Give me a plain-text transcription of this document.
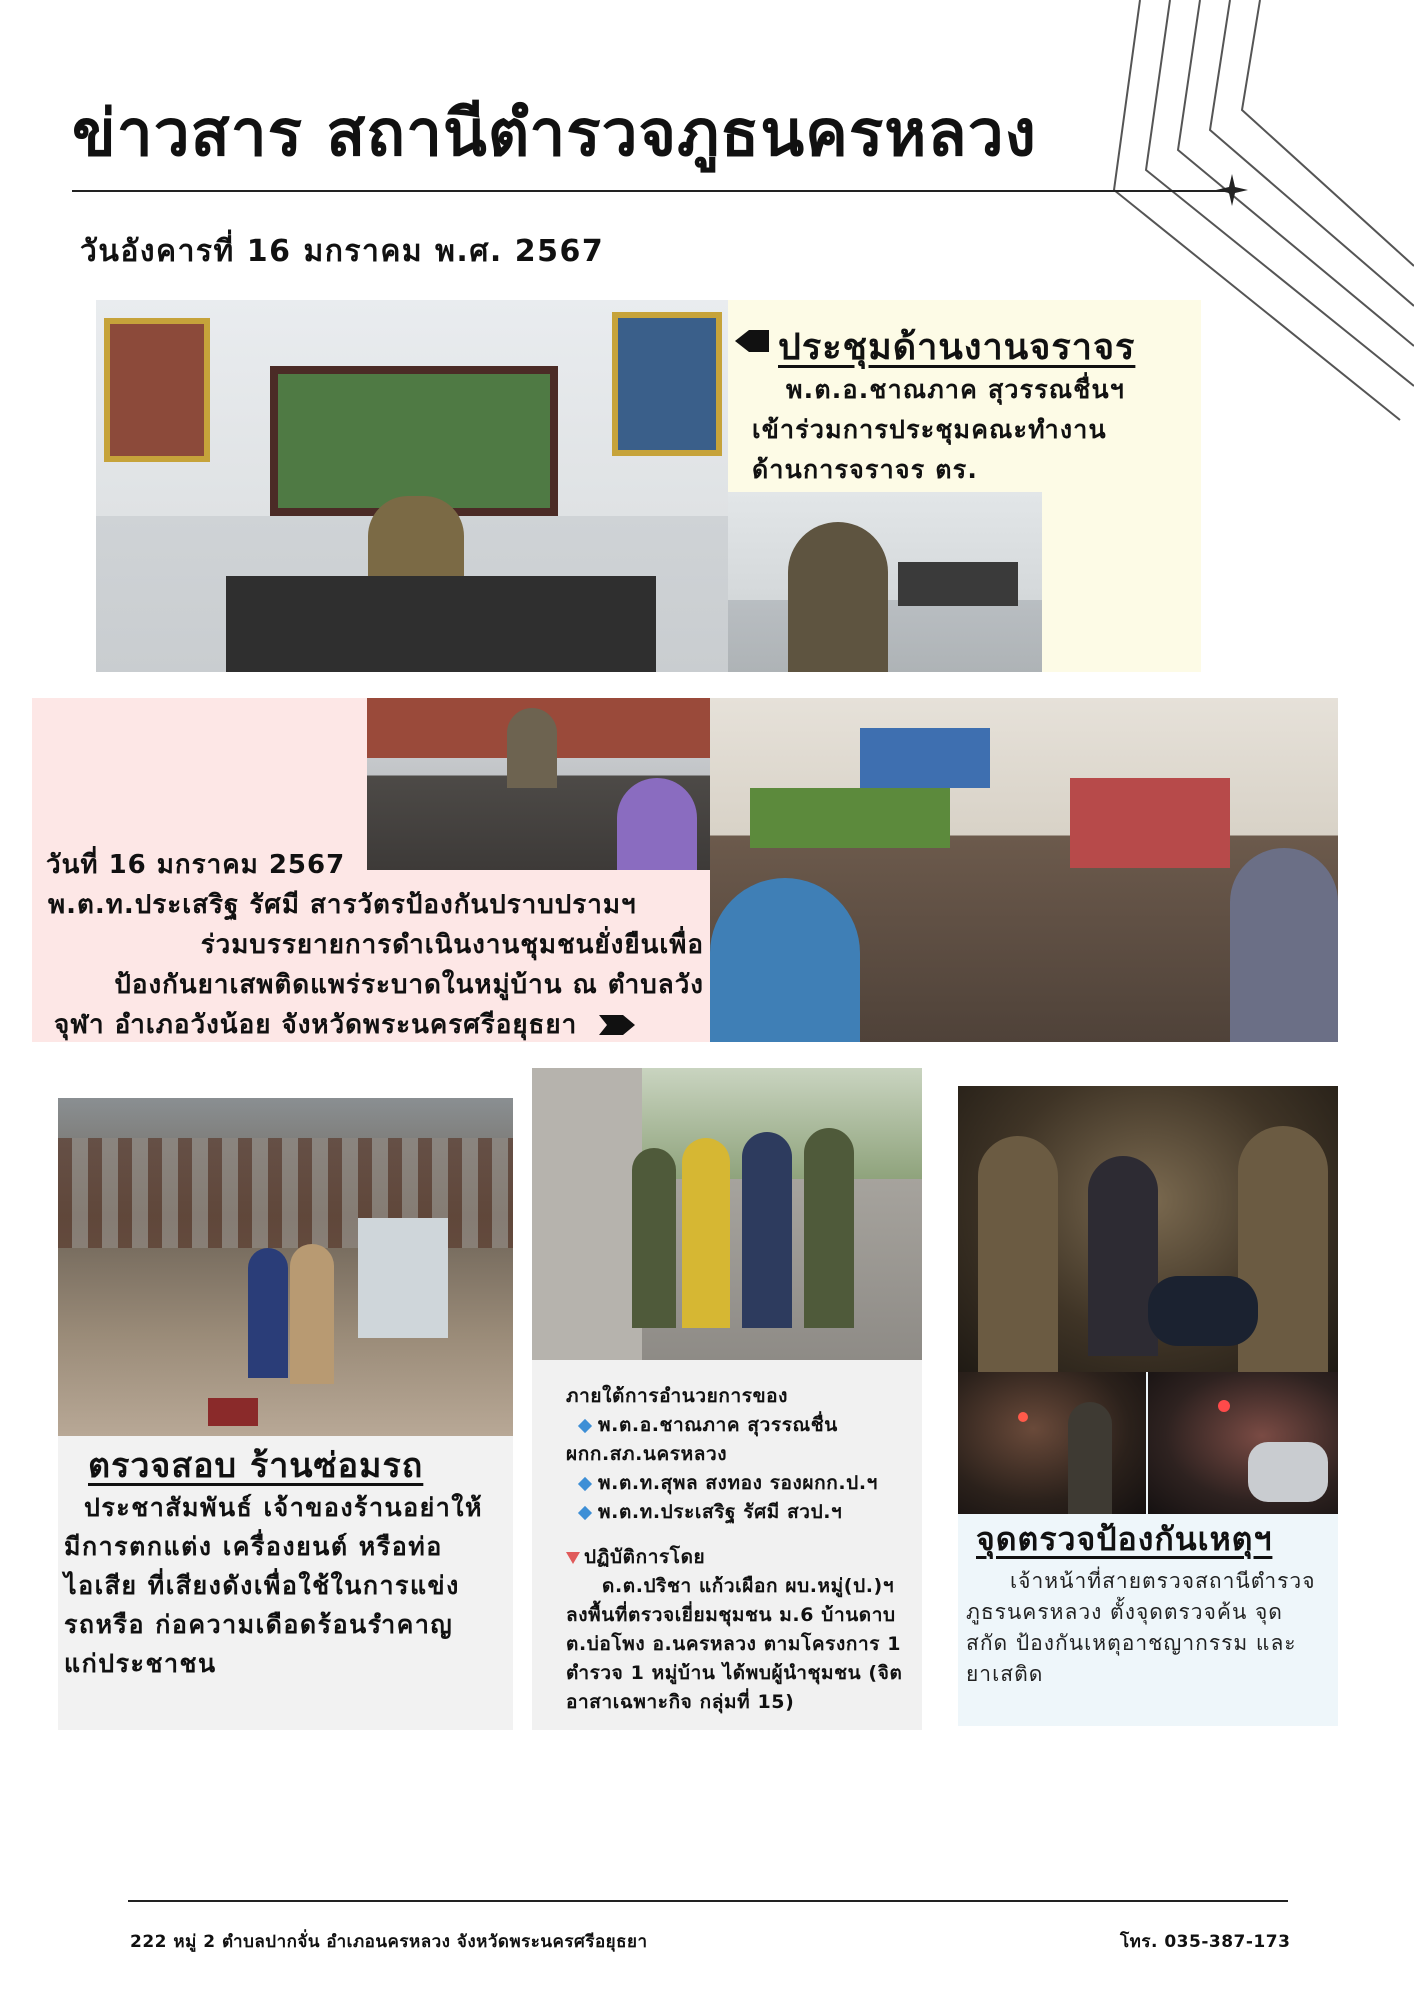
ข่าวสาร สถานีตำรวจภูธนครหลวง
วันอังคารที่ 16 มกราคม พ.ศ. 2567
ประชุมด้านงานจราจร
พ.ต.อ.ชาณภาค สุวรรณชื่นฯ
เข้าร่วมการประชุมคณะทำงาน
ด้านการจราจร ตร.
วันที่ 16 มกราคม 2567
พ.ต.ท.ประเสริฐ รัศมี สารวัตรป้องกันปราบปรามฯ
ร่วมบรรยายการดำเนินงานชุมชนยั่งยืนเพื่อ
ป้องกันยาเสพติดแพร่ระบาดในหมู่บ้าน ณ ตำบลวัง
จุฬา อำเภอวังน้อย จังหวัดพระนครศรีอยุธยา
ตรวจสอบ ร้านซ่อมรถ
ประชาสัมพันธ์ เจ้าของร้านอย่าให้
มีการตกแต่ง เครื่องยนต์ หรือท่อ
ไอเสีย ที่เสียงดังเพื่อใช้ในการแข่ง
รถหรือ ก่อความเดือดร้อนรำคาญ
แก่ประชาชน
ภายใต้การอำนวยการของ
พ.ต.อ.ชาณภาค สุวรรณชื่น
ผกก.สภ.นครหลวง
พ.ต.ท.สุพล สงทอง รองผกก.ป.ฯ
พ.ต.ท.ประเสริฐ รัศมี สวป.ฯ
ปฏิบัติการโดย
ด.ต.ปริชา แก้วเผือก ผบ.หมู่(ป.)ฯ
ลงพื้นที่ตรวจเยี่ยมชุมชน ม.6 บ้านดาบ
ต.บ่อโพง อ.นครหลวง ตามโครงการ 1
ตำรวจ 1 หมู่บ้าน ได้พบผู้นำชุมชน (จิต
อาสาเฉพาะกิจ กลุ่มที่ 15)
จุดตรวจป้องกันเหตุฯ
เจ้าหน้าที่สายตรวจสถานีตำรวจ
ภูธรนครหลวง ตั้งจุดตรวจค้น จุด
สกัด ป้องกันเหตุอาชญากรรม และ
ยาเสติด
222 หมู่ 2 ตำบลปากจั่น อำเภอนครหลวง จังหวัดพระนครศรีอยุธยา	โทร. 035-387-173
